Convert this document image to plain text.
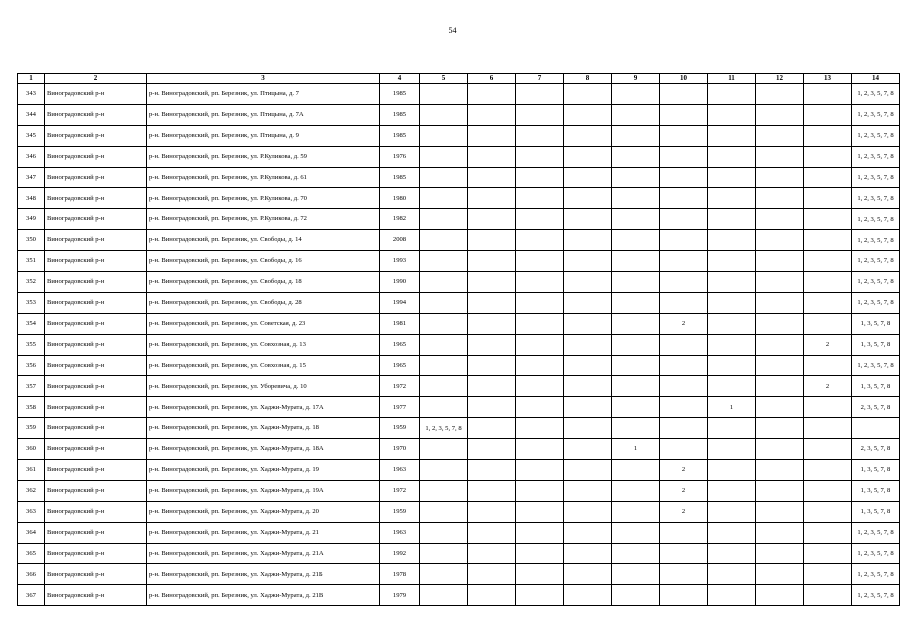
54
1	2	3	4	5	6	7	8	9	10	11	12	13	14
343	Виноградовский р-н	р-н. Виноградовский, рп. Березник, ул. Птицына, д. 7	1985										1, 2, 3, 5, 7, 8
344	Виноградовский р-н	р-н. Виноградовский, рп. Березник, ул. Птицына, д. 7А	1985										1, 2, 3, 5, 7, 8
345	Виноградовский р-н	р-н. Виноградовский, рп. Березник, ул. Птицына, д. 9	1985										1, 2, 3, 5, 7, 8
346	Виноградовский р-н	р-н. Виноградовский, рп. Березник, ул. Р.Куликова, д. 59	1976										1, 2, 3, 5, 7, 8
347	Виноградовский р-н	р-н. Виноградовский, рп. Березник, ул. Р.Куликова, д. 61	1985										1, 2, 3, 5, 7, 8
348	Виноградовский р-н	р-н. Виноградовский, рп. Березник, ул. Р.Куликова, д. 70	1980										1, 2, 3, 5, 7, 8
349	Виноградовский р-н	р-н. Виноградовский, рп. Березник, ул. Р.Куликова, д. 72	1982										1, 2, 3, 5, 7, 8
350	Виноградовский р-н	р-н. Виноградовский, рп. Березник, ул. Свободы, д. 14	2008										1, 2, 3, 5, 7, 8
351	Виноградовский р-н	р-н. Виноградовский, рп. Березник, ул. Свободы, д. 16	1993										1, 2, 3, 5, 7, 8
352	Виноградовский р-н	р-н. Виноградовский, рп. Березник, ул. Свободы, д. 18	1990										1, 2, 3, 5, 7, 8
353	Виноградовский р-н	р-н. Виноградовский, рп. Березник, ул. Свободы, д. 28	1994										1, 2, 3, 5, 7, 8
354	Виноградовский р-н	р-н. Виноградовский, рп. Березник, ул. Советская, д. 23	1981						2				1, 3, 5, 7, 8
355	Виноградовский р-н	р-н. Виноградовский, рп. Березник, ул. Совхозная, д. 13	1965									2	1, 3, 5, 7, 8
356	Виноградовский р-н	р-н. Виноградовский, рп. Березник, ул. Совхозная, д. 15	1965										1, 2, 3, 5, 7, 8
357	Виноградовский р-н	р-н. Виноградовский, рп. Березник, ул. Уборевича, д. 10	1972									2	1, 3, 5, 7, 8
358	Виноградовский р-н	р-н. Виноградовский, рп. Березник, ул. Хаджи-Мурата, д. 17А	1977							1			2, 3, 5, 7, 8
359	Виноградовский р-н	р-н. Виноградовский, рп. Березник, ул. Хаджи-Мурата, д. 18	1959	1, 2, 3, 5, 7, 8									
360	Виноградовский р-н	р-н. Виноградовский, рп. Березник, ул. Хаджи-Мурата, д. 18А	1970					1					2, 3, 5, 7, 8
361	Виноградовский р-н	р-н. Виноградовский, рп. Березник, ул. Хаджи-Мурата, д. 19	1963						2				1, 3, 5, 7, 8
362	Виноградовский р-н	р-н. Виноградовский, рп. Березник, ул. Хаджи-Мурата, д. 19А	1972						2				1, 3, 5, 7, 8
363	Виноградовский р-н	р-н. Виноградовский, рп. Березник, ул. Хаджи-Мурата, д. 20	1959						2				1, 3, 5, 7, 8
364	Виноградовский р-н	р-н. Виноградовский, рп. Березник, ул. Хаджи-Мурата, д. 21	1963										1, 2, 3, 5, 7, 8
365	Виноградовский р-н	р-н. Виноградовский, рп. Березник, ул. Хаджи-Мурата, д. 21А	1992										1, 2, 3, 5, 7, 8
366	Виноградовский р-н	р-н. Виноградовский, рп. Березник, ул. Хаджи-Мурата, д. 21Б	1978										1, 2, 3, 5, 7, 8
367	Виноградовский р-н	р-н. Виноградовский, рп. Березник, ул. Хаджи-Мурата, д. 21В	1979										1, 2, 3, 5, 7, 8
